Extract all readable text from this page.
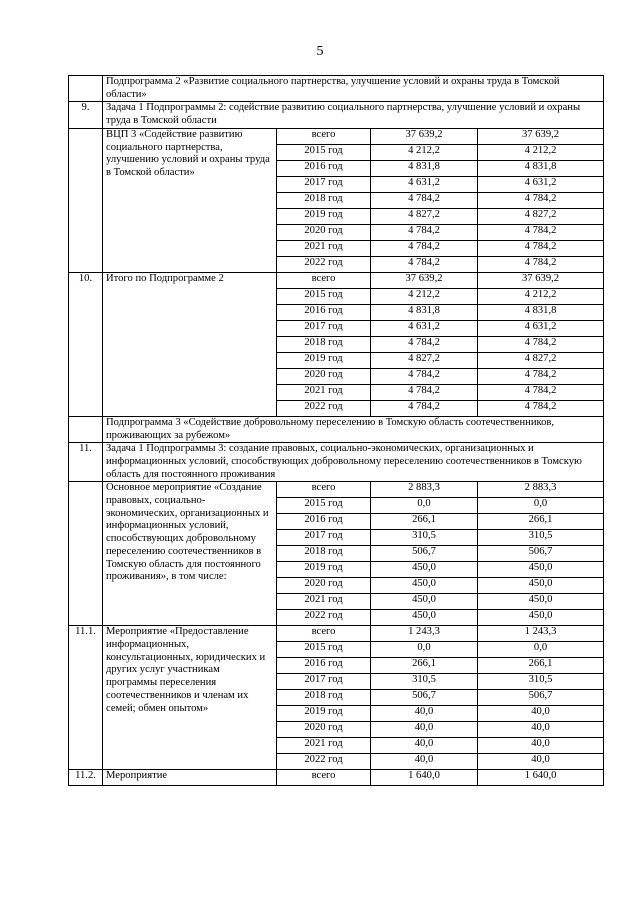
5
	Подпрограмма 2 «Развитие социального партнерства, улучшение условий и охраны труда в Томской области»			
9.	Задача 1 Подпрограммы 2: содействие развитию социального партнерства, улучшение условий и охраны труда в Томской области			
	ВЦП 3 «Содействие развитию социального партнерства, улучшению условий и охраны труда в Томской области»	всего	37 639,2	37 639,2
		2015 год	4 212,2	4 212,2
		2016 год	4 831,8	4 831,8
		2017 год	4 631,2	4 631,2
		2018 год	4 784,2	4 784,2
		2019 год	4 827,2	4 827,2
		2020 год	4 784,2	4 784,2
		2021 год	4 784,2	4 784,2
		2022 год	4 784,2	4 784,2
10.	Итого по Подпрограмме 2	всего	37 639,2	37 639,2
		2015 год	4 212,2	4 212,2
		2016 год	4 831,8	4 831,8
		2017 год	4 631,2	4 631,2
		2018 год	4 784,2	4 784,2
		2019 год	4 827,2	4 827,2
		2020 год	4 784,2	4 784,2
		2021 год	4 784,2	4 784,2
		2022 год	4 784,2	4 784,2
	Подпрограмма 3 «Содействие добровольному переселению в Томскую область соотечественников, проживающих за рубежом»			
11.	Задача 1 Подпрограммы 3: создание правовых, социально-экономических, организационных и информационных условий, способствующих добровольному переселению соотечественников в Томскую область для постоянного проживания			
	Основное мероприятие «Создание правовых, социально-экономических, организационных и информационных условий, способствующих добровольному переселению соотечественников в Томскую область для постоянного проживания», в том числе:	всего	2 883,3	2 883,3
		2015 год	0,0	0,0
		2016 год	266,1	266,1
		2017 год	310,5	310,5
		2018 год	506,7	506,7
		2019 год	450,0	450,0
		2020 год	450,0	450,0
		2021 год	450,0	450,0
		2022 год	450,0	450,0
11.1.	Мероприятие «Предоставление информационных, консультационных, юридических и других услуг участникам программы переселения соотечественников и членам их семей; обмен опытом»	всего	1 243,3	1 243,3
		2015 год	0,0	0,0
		2016 год	266,1	266,1
		2017 год	310,5	310,5
		2018 год	506,7	506,7
		2019 год	40,0	40,0
		2020 год	40,0	40,0
		2021 год	40,0	40,0
		2022 год	40,0	40,0
11.2.	Мероприятие	всего	1 640,0	1 640,0
